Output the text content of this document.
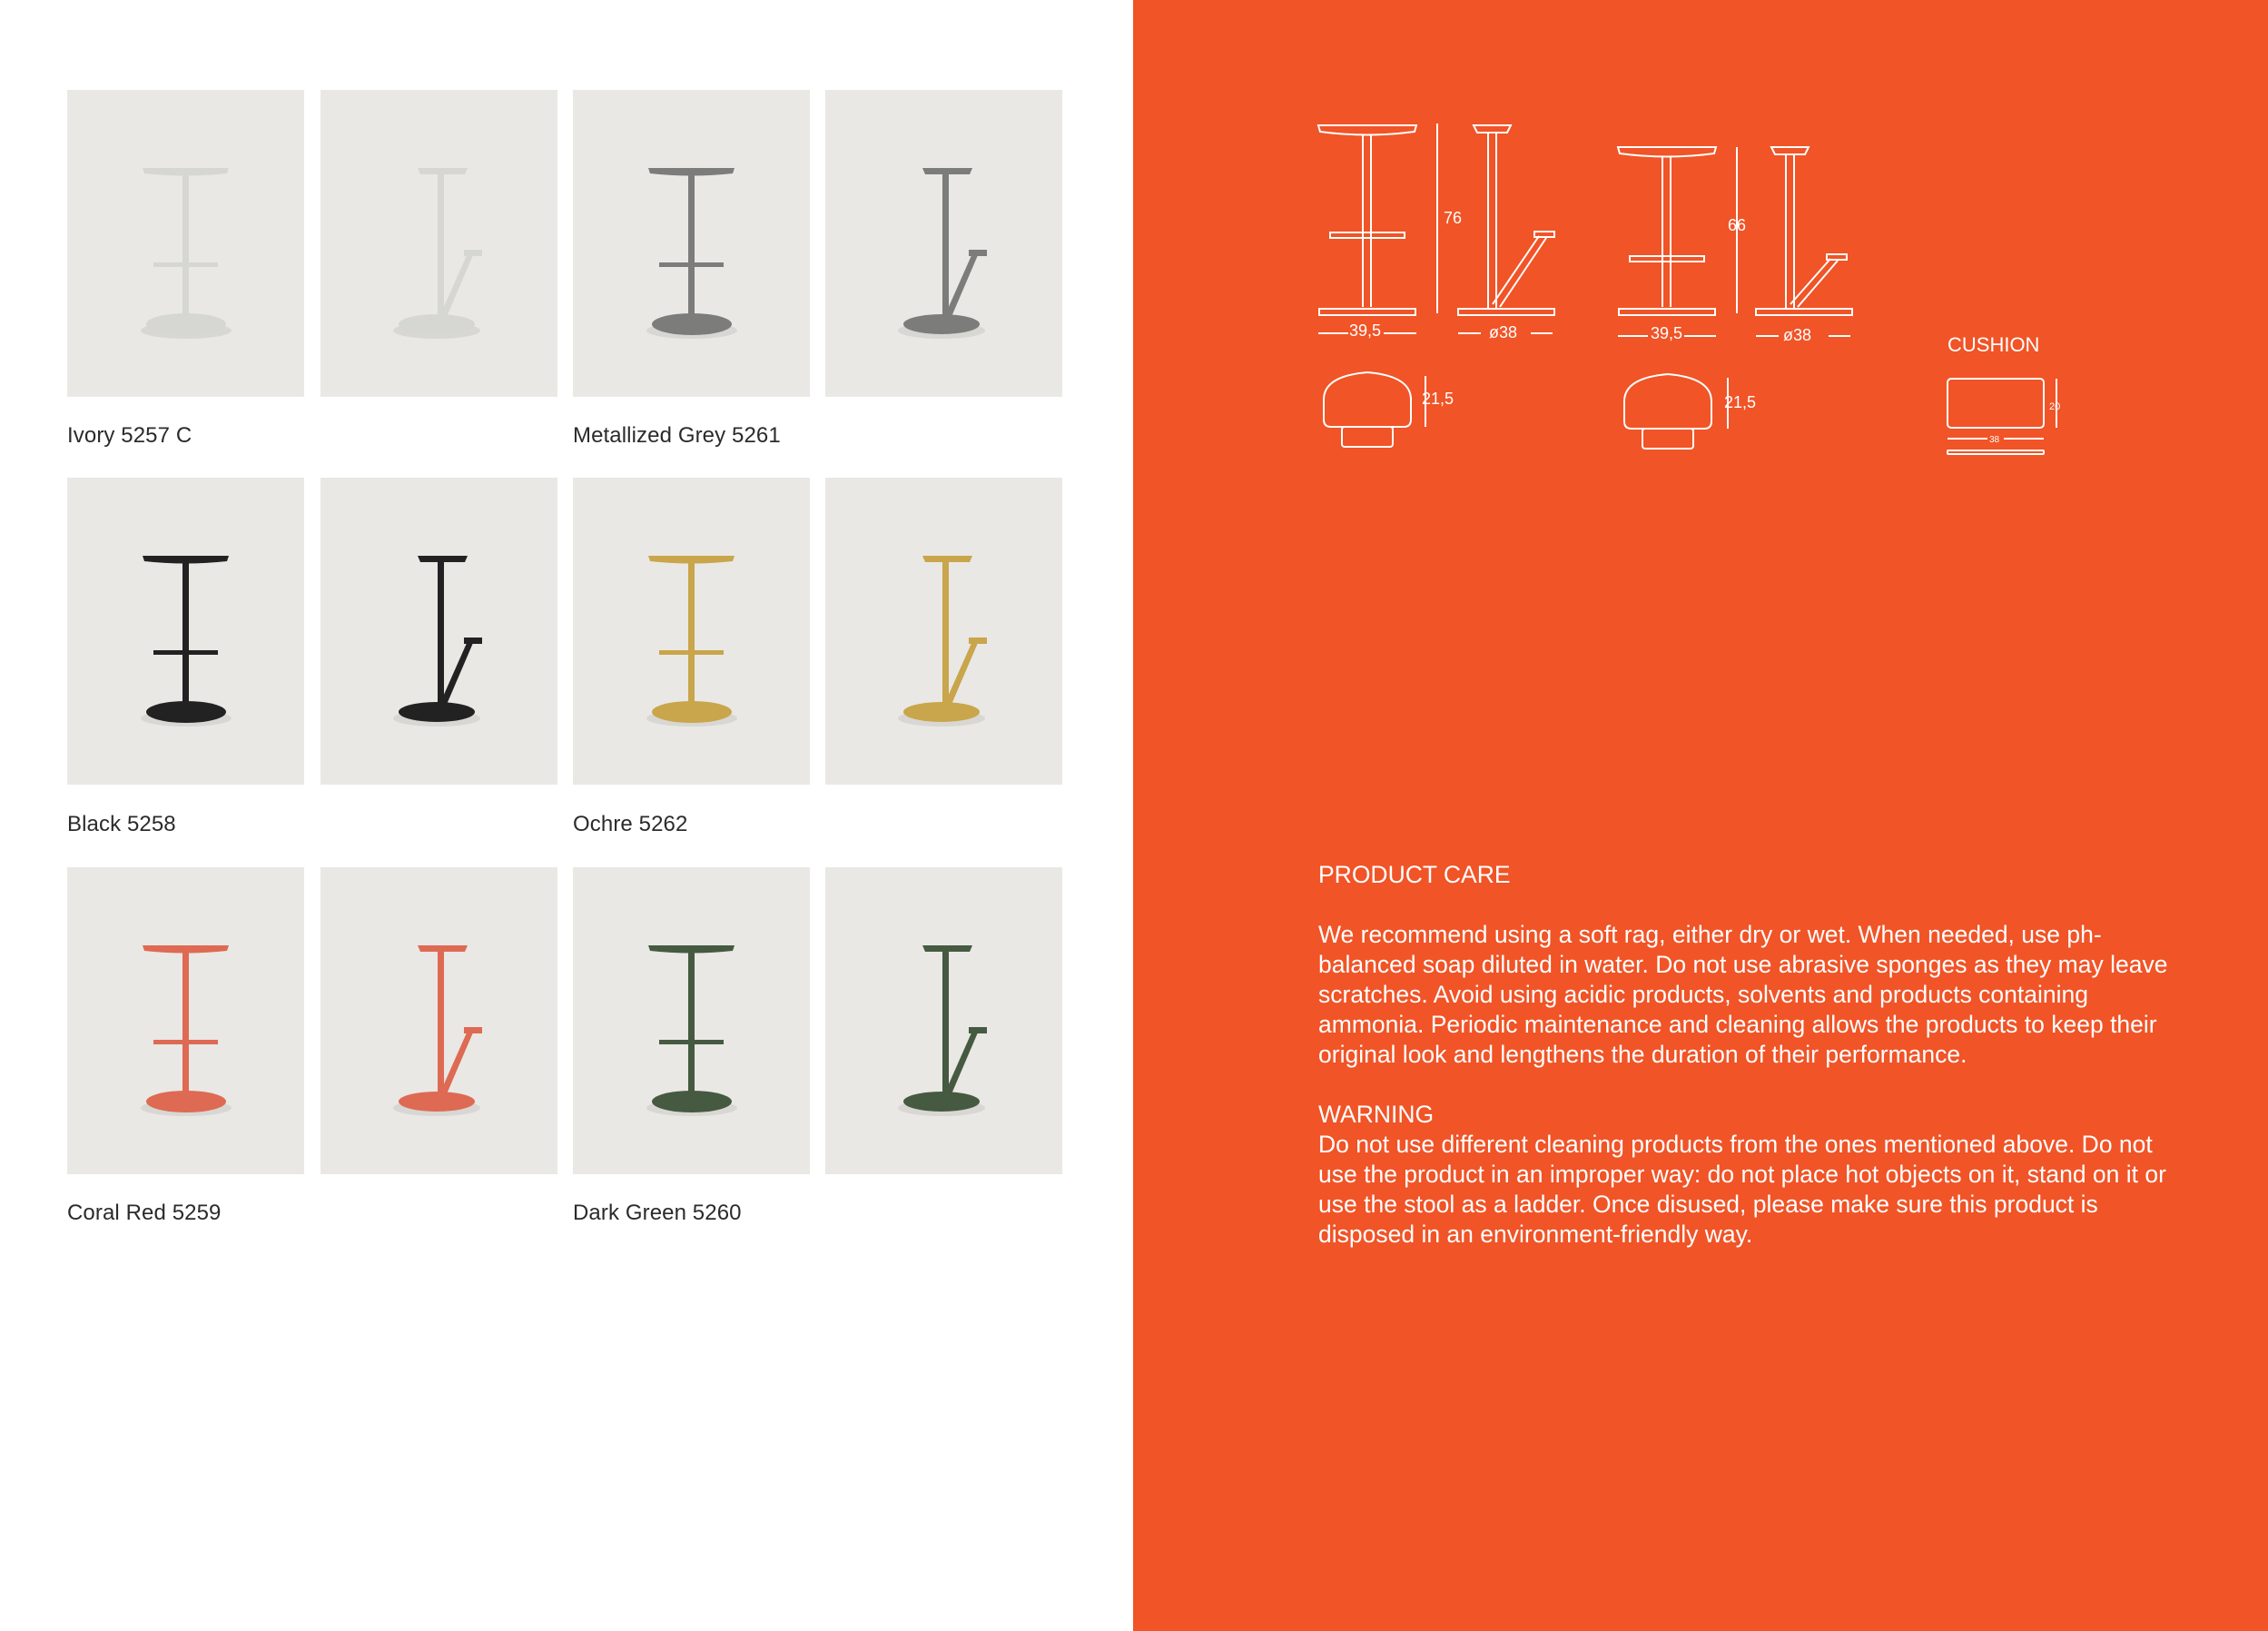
Ivory 5257 C	Metallized Grey 5261
Black 5258	Ochre 5262
Coral Red 5259	Dark Green 5260
76
39,5	ø38
21,5
66
39,5	ø38
21,5
CUSHION
20
38
PRODUCT CARE
We recommend using a soft rag, either dry or wet. When needed, use ph-balanced soap diluted in water. Do not use abrasive sponges as they may leave scratches. Avoid using acidic products, solvents and products containing ammonia. Periodic maintenance and cleaning allows the products to keep their original look and lengthens the duration of their performance.
WARNING
Do not use different cleaning products from the ones mentioned above. Do not use the product in an improper way: do not place hot objects on it, stand on it or use the stool as a ladder. Once disused, please make sure this product is disposed in an environment-friendly way.
